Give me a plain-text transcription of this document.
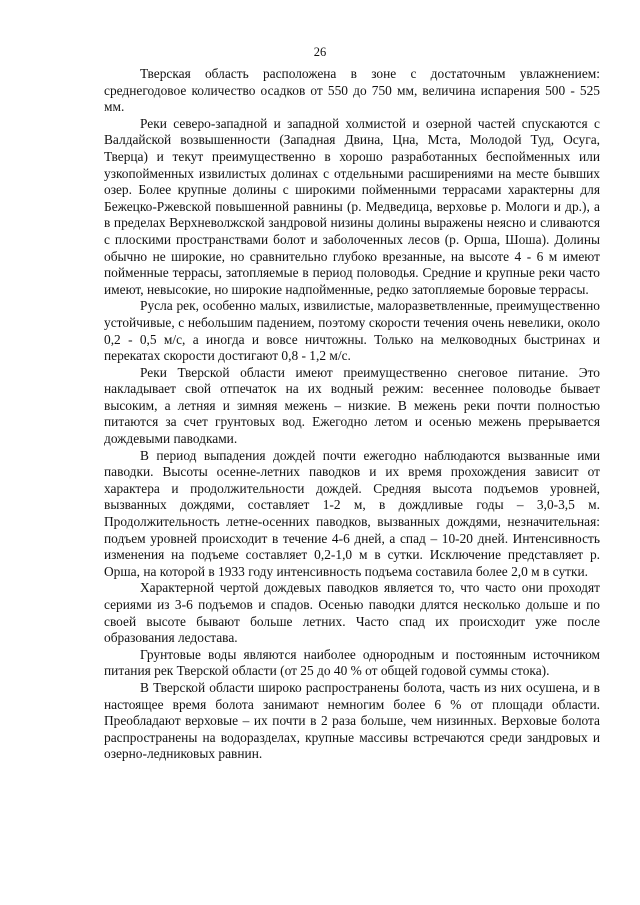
26

Тверская область расположена в зоне с достаточным увлажнением: среднегодовое количество осадков от 550 до 750 мм, величина испарения 500 - 525 мм.

Реки северо-западной и западной холмистой и озерной частей спускаются с Валдайской возвышенности (Западная Двина, Цна, Мста, Молодой Туд, Осуга, Тверца) и текут преимущественно в хорошо разработанных беспойменных или узкопойменных извилистых долинах с отдельными расширениями на месте бывших озер. Более крупные долины с широкими пойменными террасами характерны для Бежецко-Ржевской повышенной равнины (р. Медведица, верховье р. Мологи и др.), а в пределах Верхневолжской зандровой низины долины выражены неясно и сливаются с плоскими пространствами болот и заболоченных лесов (р. Орша, Шоша). Долины обычно не широкие, но сравнительно глубоко врезанные, на высоте 4 - 6 м имеют пойменные террасы, затопляемые в период половодья. Средние и крупные реки часто имеют, невысокие, но широкие надпойменные, редко затопляемые боровые террасы.

Русла рек, особенно малых, извилистые, малоразветвленные, преимущественно устойчивые, с небольшим падением, поэтому скорости течения очень невелики, около 0,2 - 0,5 м/с, а иногда и вовсе ничтожны. Только на мелководных быстринах и перекатах скорости достигают 0,8 - 1,2 м/с.

Реки Тверской области имеют преимущественно снеговое питание. Это накладывает свой отпечаток на их водный режим: весеннее половодье бывает высоким, а летняя и зимняя межень – низкие. В межень реки почти полностью питаются за счет грунтовых вод. Ежегодно летом и осенью межень прерывается дождевыми паводками.

В период выпадения дождей почти ежегодно наблюдаются вызванные ими паводки. Высоты осенне-летних паводков и их время прохождения зависит от характера и продолжительности дождей. Средняя высота подъемов уровней, вызванных дождями, составляет 1-2 м, в дождливые годы – 3,0-3,5 м. Продолжительность летне-осенних паводков, вызванных дождями, незначительная: подъем уровней происходит в течение 4-6 дней, а спад – 10-20 дней. Интенсивность изменения на подъеме составляет 0,2-1,0 м в сутки. Исключение представляет р. Орша, на которой в 1933 году интенсивность подъема составила более 2,0 м в сутки.

Характерной чертой дождевых паводков является то, что часто они проходят сериями из 3-6 подъемов и спадов. Осенью паводки длятся несколько дольше и по своей высоте бывают больше летних. Часто спад их происходит уже после образования ледостава.

Грунтовые воды являются наиболее однородным и постоянным источником питания рек Тверской области (от 25 до 40 % от общей годовой суммы стока).

В Тверской области широко распространены болота, часть из них осушена, и в настоящее время болота занимают немногим более 6 % от площади области. Преобладают верховые – их почти в 2 раза больше, чем низинных. Верховые болота распространены на водоразделах, крупные массивы встречаются среди зандровых и озерно-ледниковых равнин.
